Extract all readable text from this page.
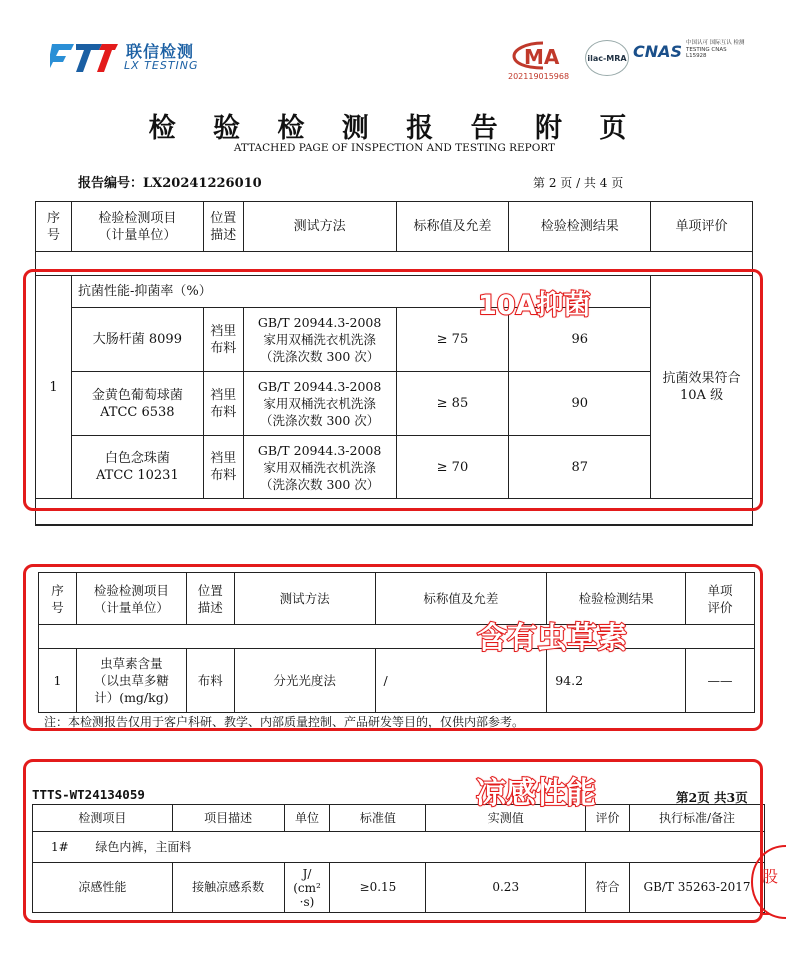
联信检测
LX TESTING	MA
202119015968
ilac-MRA CNAS 中国认可 国际互认 检测 TESTING CNAS L15928
检 验 检 测 报 告 附 页
ATTACHED PAGE OF INSPECTION AND TESTING REPORT
报告编号：LX20241226010	第 2 页 / 共 4 页
序
号	检验检测项目
（计量单位）	位置
描述	测试方法	标称值及允差	检验检测结果	单项评价

1	抗菌性能-抑菌率（%）					抗菌效果符合
10A 级
	大肠杆菌 8099	裆里
布料	GB/T 20944.3-2008
家用双桶洗衣机洗涤
（洗涤次数 300 次）	≥ 75	96	
	金黄色葡萄球菌
ATCC 6538	裆里
布料	GB/T 20944.3-2008
家用双桶洗衣机洗涤
（洗涤次数 300 次）	≥ 85	90	
	白色念珠菌
ATCC 10231	裆里
布料	GB/T 20944.3-2008
家用双桶洗衣机洗涤
（洗涤次数 300 次）	≥ 70	87	

序
号	检验检测项目
（计量单位）	位置
描述	测试方法	标称值及允差	检验检测结果	单项
评价

1	虫草素含量
（以虫草多糖
计）(mg/kg)	布料	分光光度法	/	94.2	——
注：本检测报告仅用于客户科研、教学、内部质量控制、产品研发等目的，仅供内部参考。
TTTS-WT24134059	第2页 共3页
检测项目	项目描述	单位	标准值	实测值	评价	执行标准/备注
1#       绿色内裤，主面料						
凉感性能	接触凉感系数	J/
(cm²
·s)	≥0.15	0.23	符合	GB/T 35263-2017
10A抑菌
含有虫草素
凉感性能
股
